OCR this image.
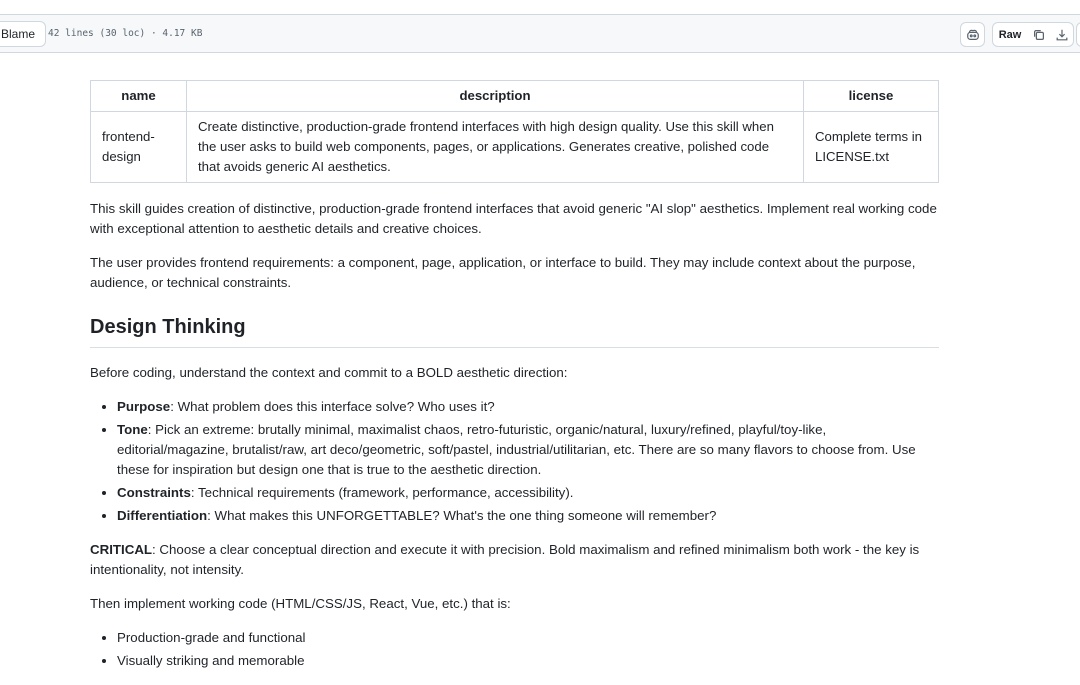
Blame	42 lines (30 loc) · 4.17 KB	Raw
name	description	license
frontend-design	Create distinctive, production-grade frontend interfaces with high design quality. Use this skill when the user asks to build web components, pages, or applications. Generates creative, polished code that avoids generic AI aesthetics.	Complete terms in LICENSE.txt

This skill guides creation of distinctive, production-grade frontend interfaces that avoid generic "AI slop" aesthetics. Implement real working code with exceptional attention to aesthetic details and creative choices.

The user provides frontend requirements: a component, page, application, or interface to build. They may include context about the purpose, audience, or technical constraints.

Design Thinking

Before coding, understand the context and commit to a BOLD aesthetic direction:

• Purpose: What problem does this interface solve? Who uses it?
• Tone: Pick an extreme: brutally minimal, maximalist chaos, retro-futuristic, organic/natural, luxury/refined, playful/toy-like, editorial/magazine, brutalist/raw, art deco/geometric, soft/pastel, industrial/utilitarian, etc. There are so many flavors to choose from. Use these for inspiration but design one that is true to the aesthetic direction.
• Constraints: Technical requirements (framework, performance, accessibility).
• Differentiation: What makes this UNFORGETTABLE? What's the one thing someone will remember?

CRITICAL: Choose a clear conceptual direction and execute it with precision. Bold maximalism and refined minimalism both work - the key is intentionality, not intensity.

Then implement working code (HTML/CSS/JS, React, Vue, etc.) that is:

• Production-grade and functional
• Visually striking and memorable
